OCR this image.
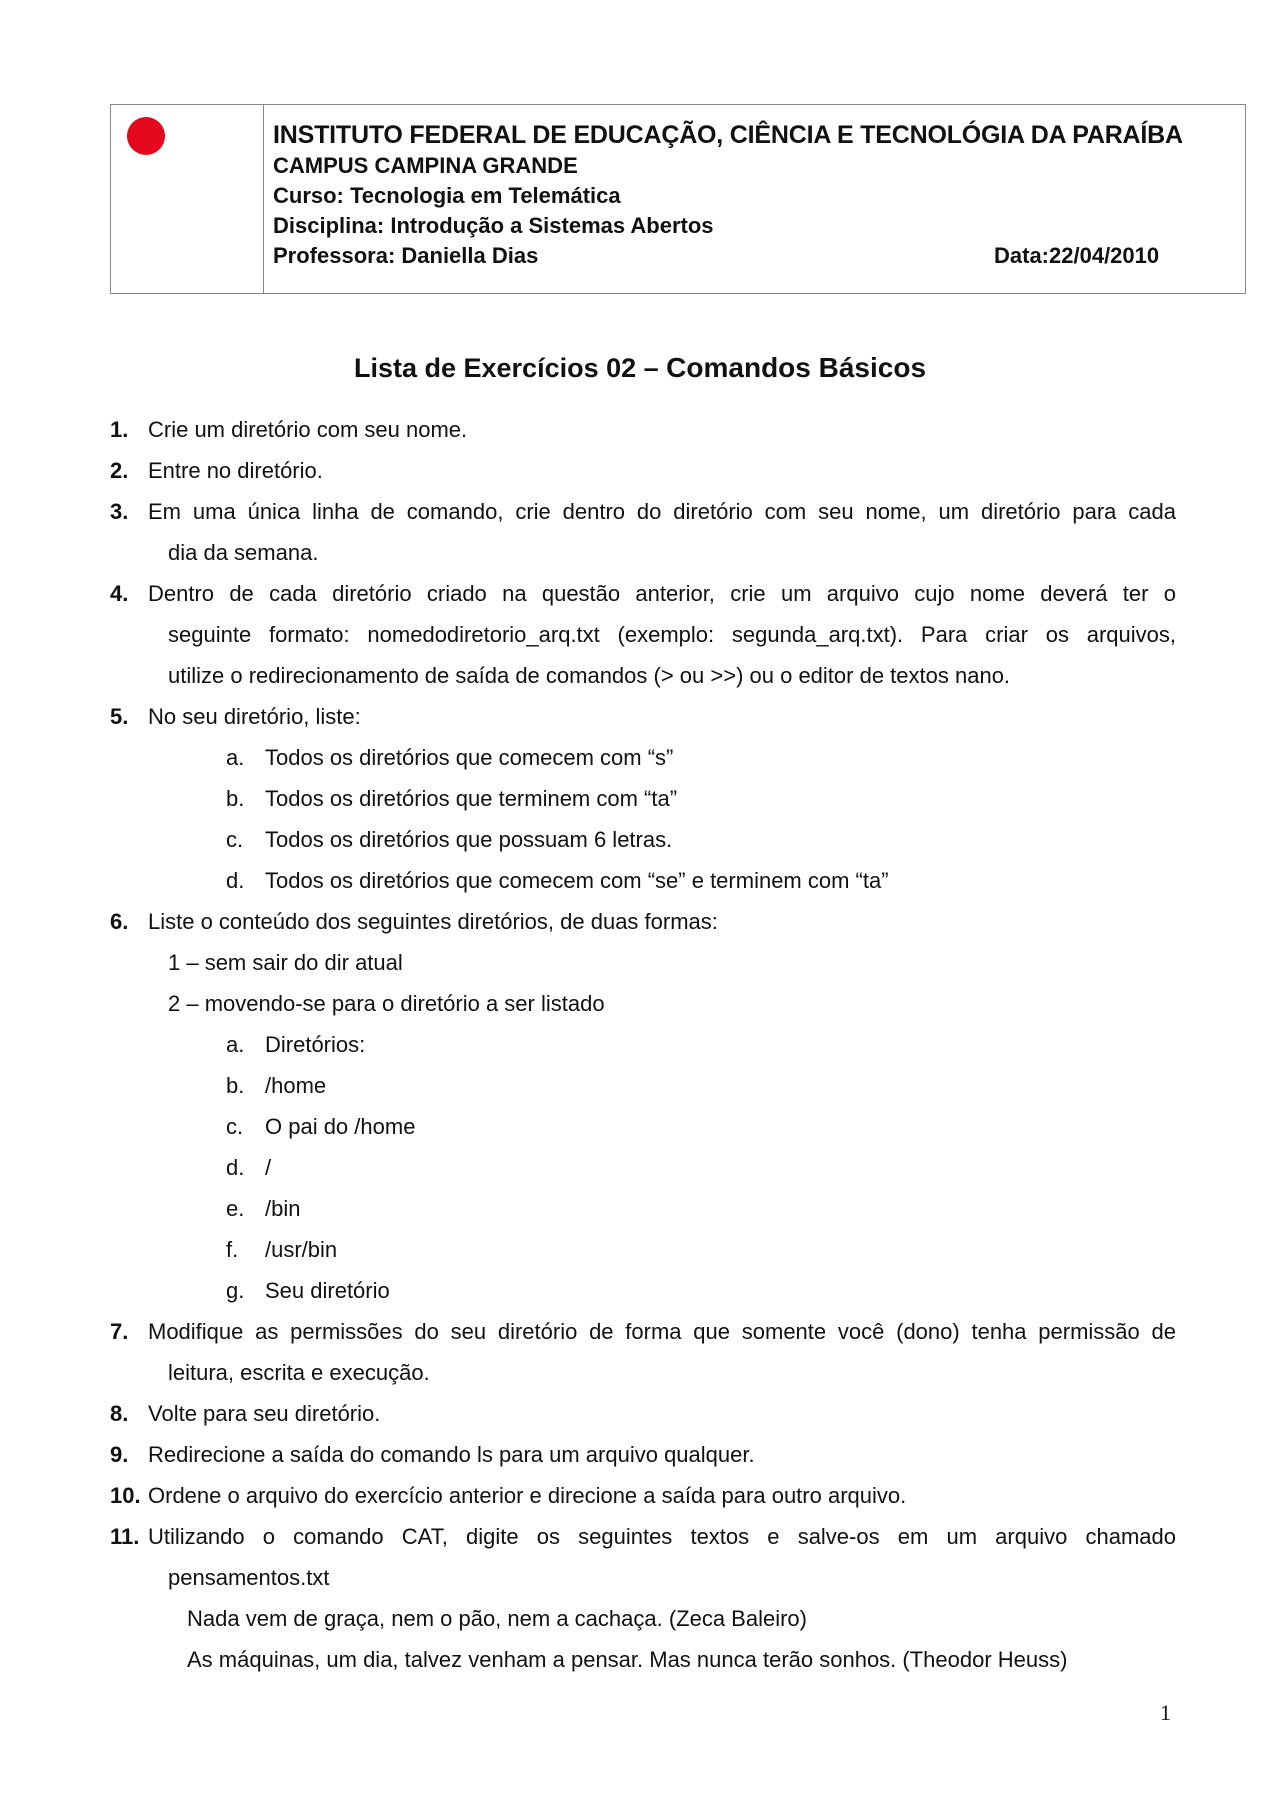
INSTITUTO FEDERAL DE EDUCAÇÃO, CIÊNCIA E TECNOLÓGIA DA PARAÍBA
CAMPUS CAMPINA GRANDE
Curso: Tecnologia em Telemática
Disciplina: Introdução a Sistemas Abertos
Professora: Daniella Dias	Data:22/04/2010
Lista de Exercícios 02 – Comandos Básicos
1. Crie um diretório com seu nome.
2. Entre no diretório.
3. Em uma única linha de comando, crie dentro do diretório com seu nome, um diretório para cada
dia da semana.
4. Dentro de cada diretório criado na questão anterior, crie um arquivo cujo nome deverá ter o
seguinte formato: nomedodiretorio_arq.txt (exemplo: segunda_arq.txt). Para criar os arquivos,
utilize o redirecionamento de saída de comandos (> ou >>) ou o editor de textos nano.
5. No seu diretório, liste:
a. Todos os diretórios que comecem com “s”
b. Todos os diretórios que terminem com “ta”
c. Todos os diretórios que possuam 6 letras.
d. Todos os diretórios que comecem com “se” e terminem com “ta”
6. Liste o conteúdo dos seguintes diretórios, de duas formas:
1 – sem sair do dir atual
2 – movendo-se para o diretório a ser listado
a. Diretórios:
b. /home
c. O pai do /home
d. /
e. /bin
f. /usr/bin
g. Seu diretório
7. Modifique as permissões do seu diretório de forma que somente você (dono) tenha permissão de
leitura, escrita e execução.
8. Volte para seu diretório.
9. Redirecione a saída do comando ls para um arquivo qualquer.
10. Ordene o arquivo do exercício anterior e direcione a saída para outro arquivo.
11. Utilizando o comando CAT, digite os seguintes textos e salve-os em um arquivo chamado
pensamentos.txt
Nada vem de graça, nem o pão, nem a cachaça. (Zeca Baleiro)
As máquinas, um dia, talvez venham a pensar. Mas nunca terão sonhos. (Theodor Heuss)
1
